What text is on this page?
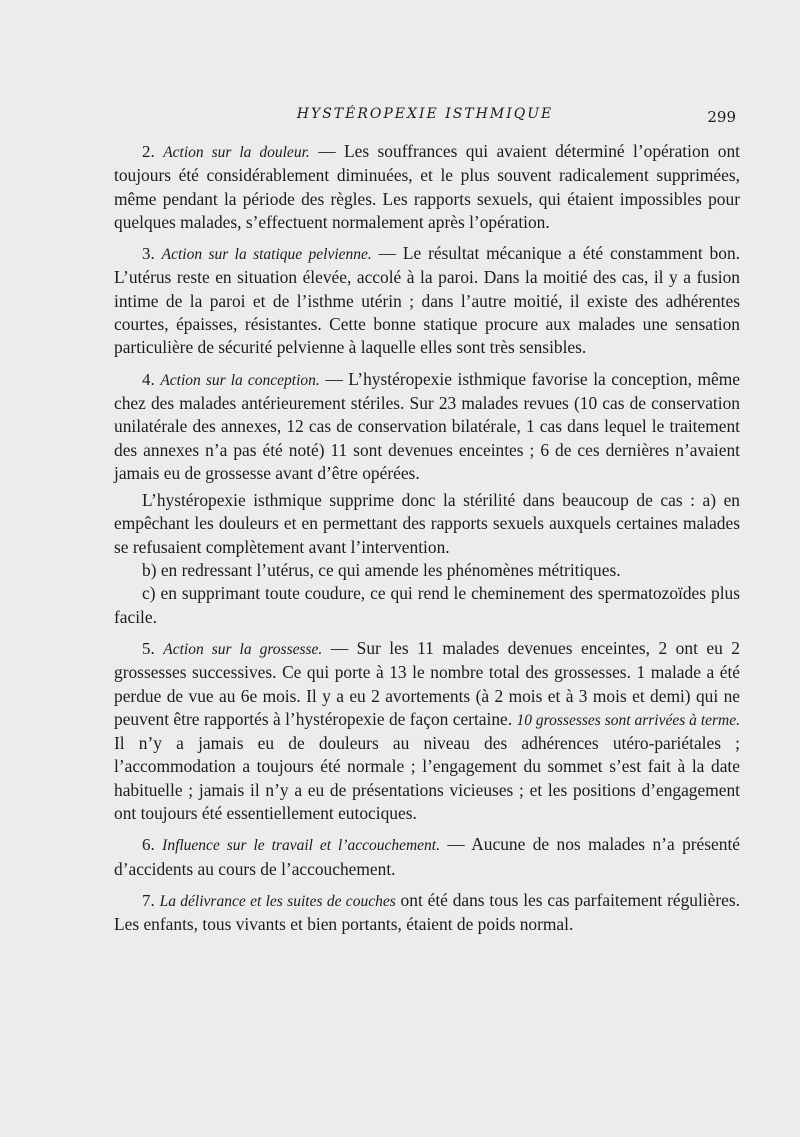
HYSTÉROPEXIE ISTHMIQUE	299

2. Action sur la douleur. — Les souffrances qui avaient déterminé l’opération ont toujours été considérablement diminuées, et le plus souvent radicalement supprimées, même pendant la période des règles. Les rapports sexuels, qui étaient impossibles pour quelques malades, s’effectuent normalement après l’opération.

3. Action sur la statique pelvienne. — Le résultat mécanique a été constamment bon. L’utérus reste en situation élevée, accolé à la paroi. Dans la moitié des cas, il y a fusion intime de la paroi et de l’isthme utérin ; dans l’autre moitié, il existe des adhérentes courtes, épaisses, résistantes. Cette bonne statique procure aux malades une sensation particulière de sécurité pelvienne à laquelle elles sont très sensibles.

4. Action sur la conception. — L’hystéropexie isthmique favorise la conception, même chez des malades antérieurement stériles. Sur 23 malades revues (10 cas de conservation unilatérale des annexes, 12 cas de conservation bilatérale, 1 cas dans lequel le traitement des annexes n’a pas été noté) 11 sont devenues enceintes ; 6 de ces dernières n’avaient jamais eu de grossesse avant d’être opérées.

L’hystéropexie isthmique supprime donc la stérilité dans beaucoup de cas : a) en empêchant les douleurs et en permettant des rapports sexuels auxquels certaines malades se refusaient complètement avant l’intervention.

b) en redressant l’utérus, ce qui amende les phénomènes métritiques.

c) en supprimant toute coudure, ce qui rend le cheminement des spermatozoïdes plus facile.

5. Action sur la grossesse. — Sur les 11 malades devenues enceintes, 2 ont eu 2 grossesses successives. Ce qui porte à 13 le nombre total des grossesses. 1 malade a été perdue de vue au 6e mois. Il y a eu 2 avortements (à 2 mois et à 3 mois et demi) qui ne peuvent être rapportés à l’hystéropexie de façon certaine. 10 grossesses sont arrivées à terme. Il n’y a jamais eu de douleurs au niveau des adhérences utéro-pariétales ; l’accommodation a toujours été normale ; l’engagement du sommet s’est fait à la date habituelle ; jamais il n’y a eu de présentations vicieuses ; et les positions d’engagement ont toujours été essentiellement eutociques.

6. Influence sur le travail et l’accouchement. — Aucune de nos malades n’a présenté d’accidents au cours de l’accouchement.

7. La délivrance et les suites de couches ont été dans tous les cas parfaitement régulières. Les enfants, tous vivants et bien portants, étaient de poids normal.
